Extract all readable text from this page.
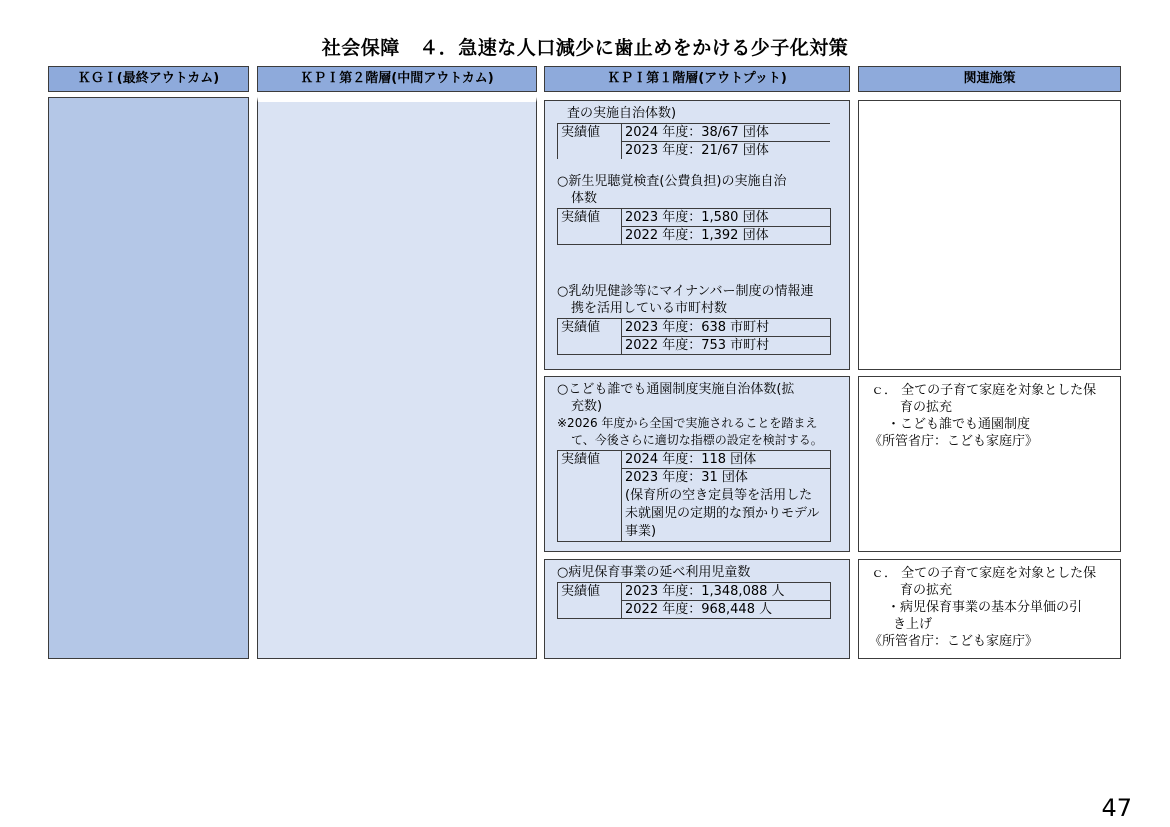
社会保障　４．急速な人口減少に歯止めをかける少子化対策
ＫＧＩ(最終アウトカム)	ＫＰＩ第２階層(中間アウトカム)	ＫＰＩ第１階層(アウトプット)	関連施策

査の実施自治体数)

実績値	2024 年度：38/67 団体
2023 年度：21/67 団体

○新生児聴覚検査(公費負担)の実施自治

体数

実績値	2023 年度：1,580 団体
2022 年度：1,392 団体

○乳幼児健診等にマイナンバー制度の情報連

携を活用している市町村数

実績値	2023 年度：638 市町村
2022 年度：753 市町村

○こども誰でも通園制度実施自治体数(拡

充数)

※2026 年度から全国で実施されることを踏まえ

て、今後さらに適切な指標の設定を検討する。

実績値	2024 年度：118 団体
2023 年度：31 団体
(保育所の空き定員等を活用した
未就園児の定期的な預かりモデル
事業)

○病児保育事業の延べ利用児童数

実績値	2023 年度：1,348,088 人
2022 年度：968,448 人

ｃ． 全ての子育て家庭を対象とした保

育の拡充

・こども誰でも通園制度

《所管省庁：こども家庭庁》

ｃ． 全ての子育て家庭を対象とした保

育の拡充

・病児保育事業の基本分単価の引

き上げ

《所管省庁：こども家庭庁》

47
